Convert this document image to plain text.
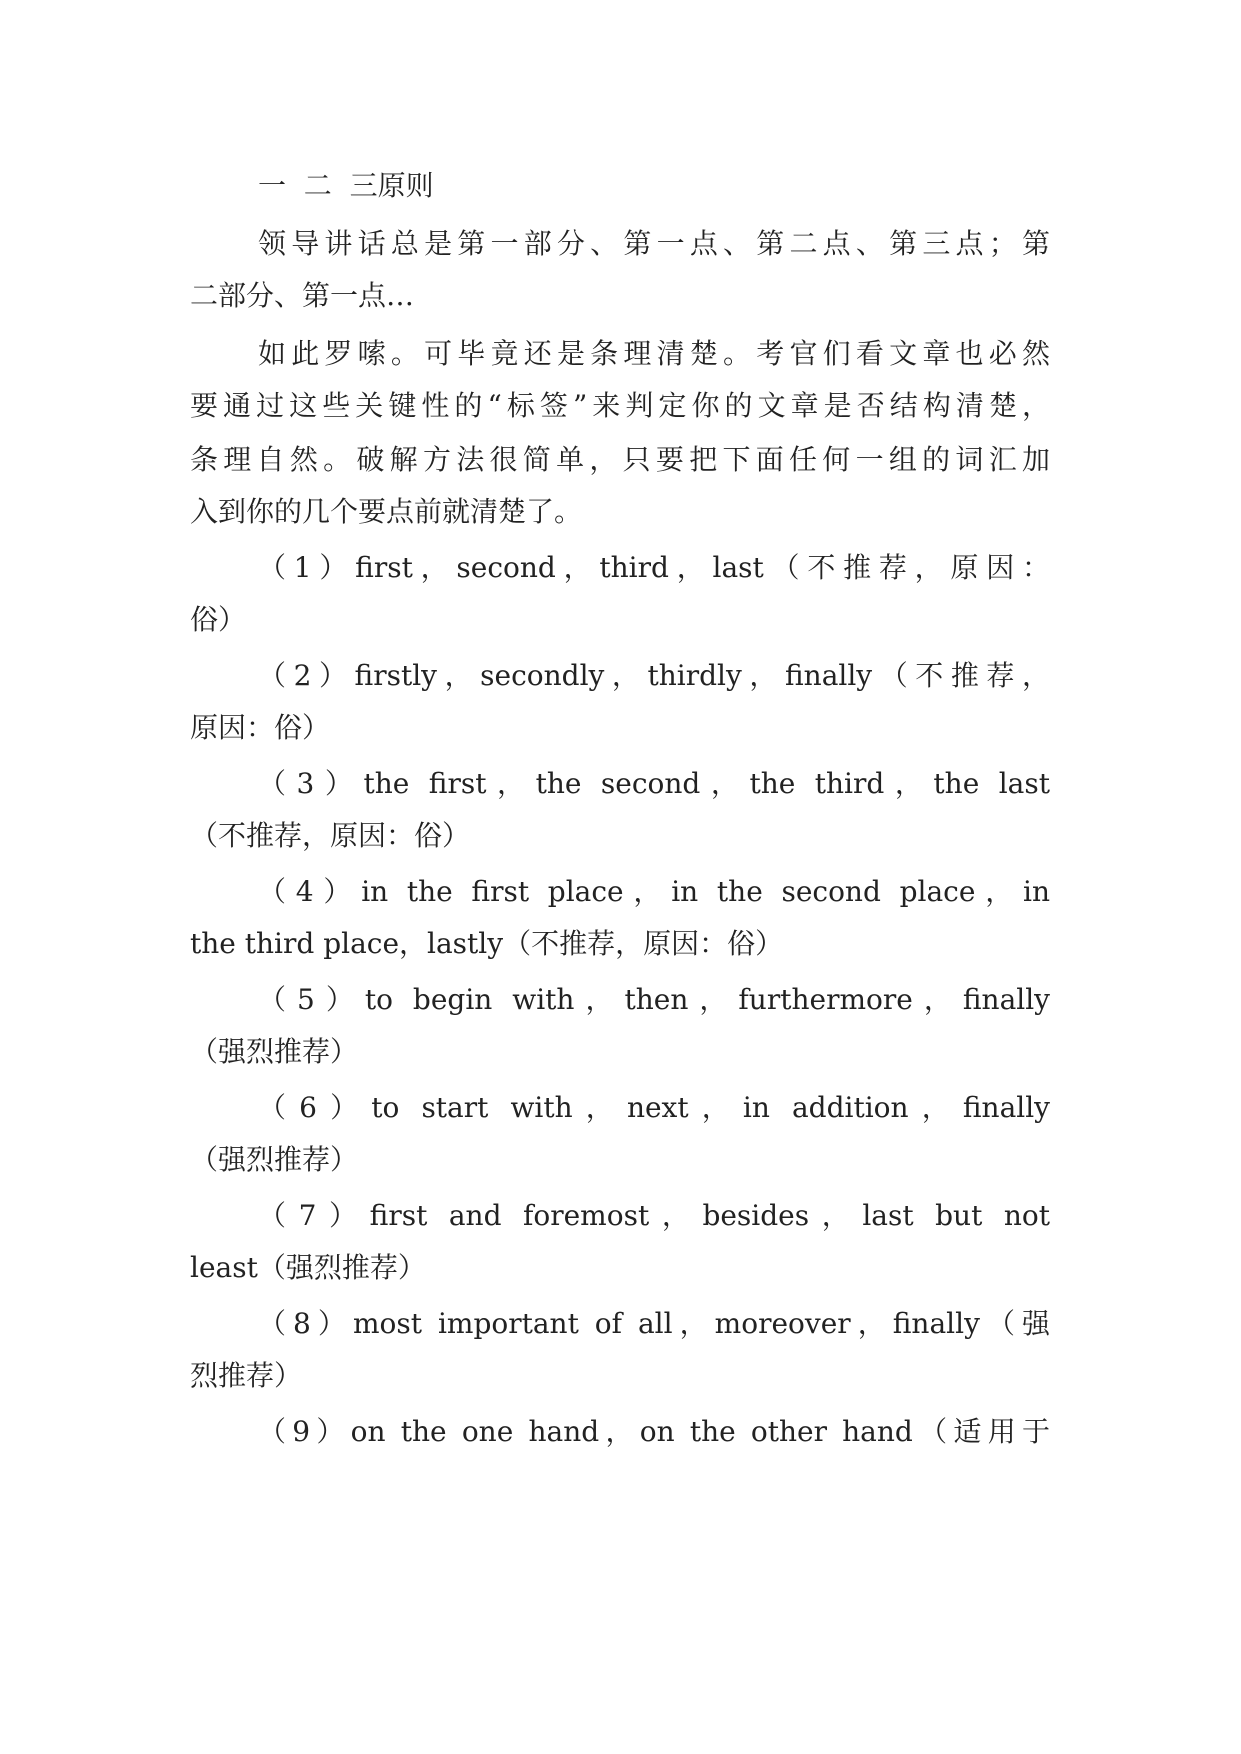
一  二  三原则
领导讲话总是第一部分、第一点、第二点、第三点；第
二部分、第一点…
如此罗嗦。可毕竟还是条理清楚。考官们看文章也必然
要通过这些关键性的“标签”来判定你的文章是否结构清楚，
条理自然。破解方法很简单，只要把下面任何一组的词汇加
入到你的几个要点前就清楚了。
（1）first，second，third，last（不推荐，原因：
俗）
（2）firstly，secondly，thirdly，finally（不推荐，
原因：俗）
（3）the first，the second，the third，the last
（不推荐，原因：俗）
（4）in the first place，in the second place，in
the third place，lastly（不推荐，原因：俗）
（5）to begin with，then，furthermore，finally
（强烈推荐）
（6）to start with，next，in addition，finally
（强烈推荐）
（7）first and foremost，besides，last but not
least（强烈推荐）
（8）most important of all，moreover，finally（强
烈推荐）
（9）on the one hand，on the other hand（适用于
